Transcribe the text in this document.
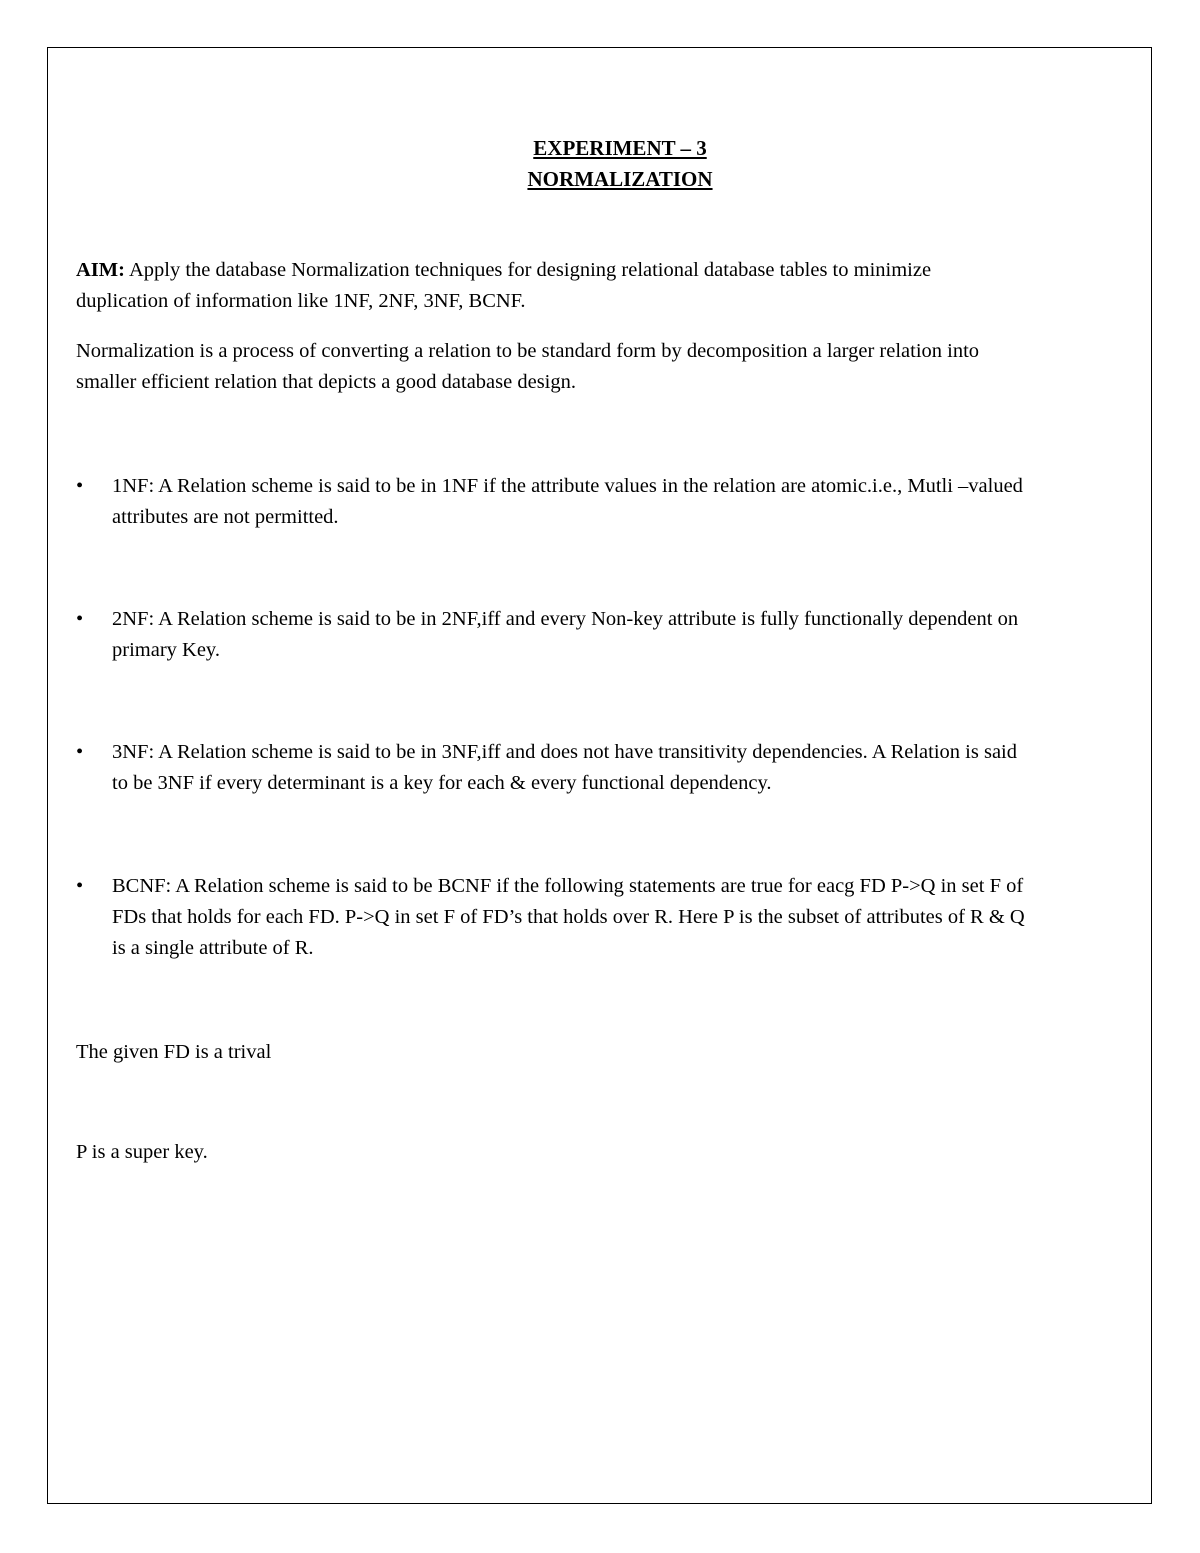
EXPERIMENT – 3
NORMALIZATION
AIM: Apply the database Normalization techniques for designing relational database tables to minimize
duplication of information like 1NF, 2NF, 3NF, BCNF.
Normalization is a process of converting a relation to be standard form by decomposition a larger relation into
smaller efficient relation that depicts a good database design.
•	1NF: A Relation scheme is said to be in 1NF if the attribute values in the relation are atomic.i.e., Mutli –valued
attributes are not permitted.
•	2NF: A Relation scheme is said to be in 2NF,iff and every Non-key attribute is fully functionally dependent on
primary Key.
•	3NF: A Relation scheme is said to be in 3NF,iff and does not have transitivity dependencies. A Relation is said
to be 3NF if every determinant is a key for each & every functional dependency.
•	BCNF: A Relation scheme is said to be BCNF if the following statements are true for eacg FD P->Q in set F of
FDs that holds for each FD. P->Q in set F of FD’s that holds over R. Here P is the subset of attributes of R & Q
is a single attribute of R.
The given FD is a trival
P is a super key.
